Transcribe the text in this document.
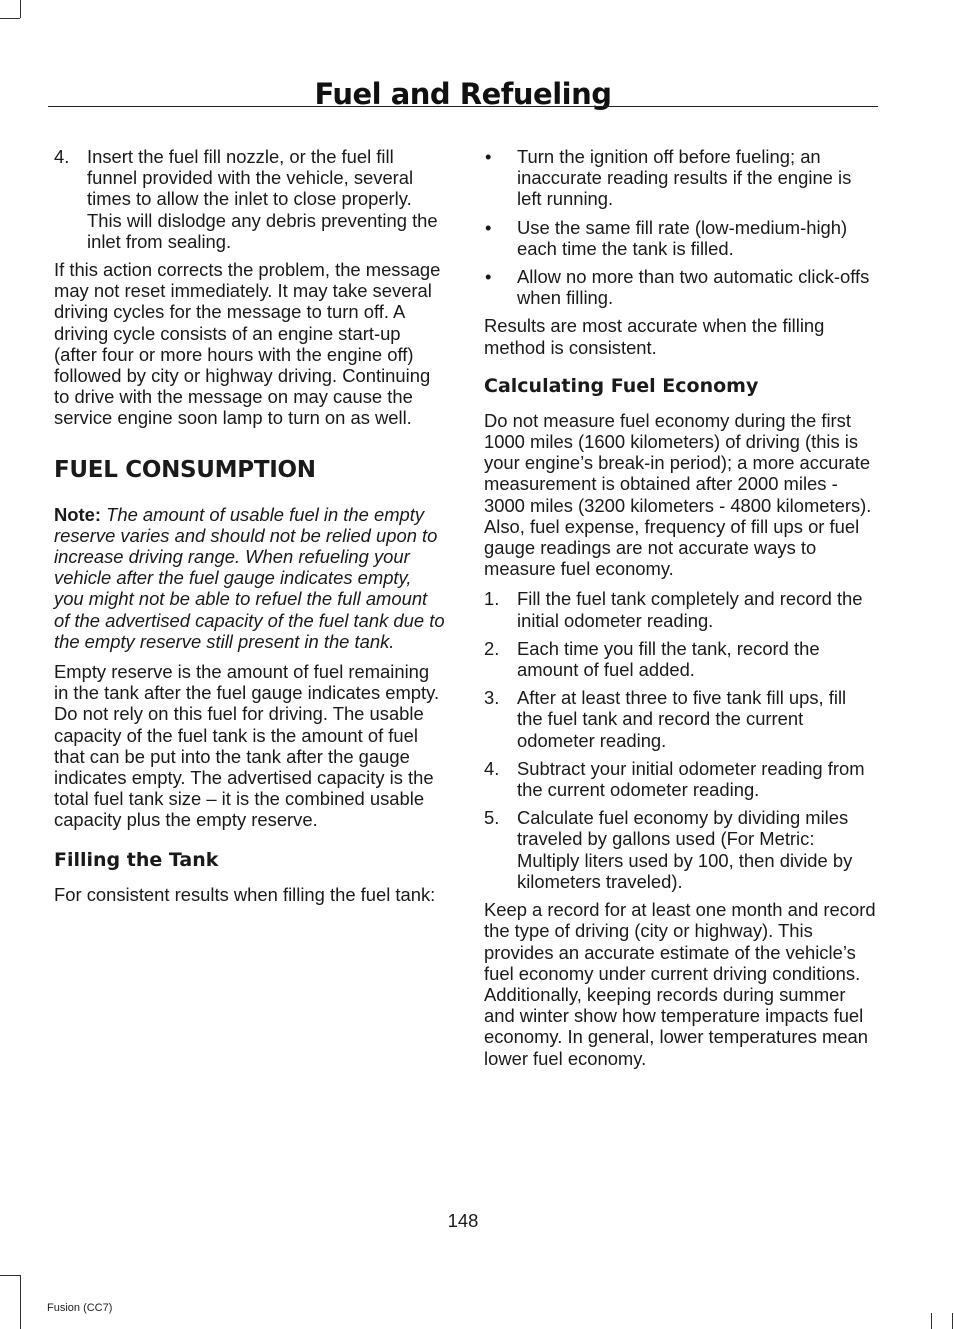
Fuel and Refueling
4. Insert the fuel fill nozzle, or the fuel fill funnel provided with the vehicle, several times to allow the inlet to close properly. This will dislodge any debris preventing the inlet from sealing.

If this action corrects the problem, the message may not reset immediately. It may take several driving cycles for the message to turn off. A driving cycle consists of an engine start-up (after four or more hours with the engine off) followed by city or highway driving. Continuing to drive with the message on may cause the service engine soon lamp to turn on as well.

FUEL CONSUMPTION

Note: The amount of usable fuel in the empty reserve varies and should not be relied upon to increase driving range. When refueling your vehicle after the fuel gauge indicates empty, you might not be able to refuel the full amount of the advertised capacity of the fuel tank due to the empty reserve still present in the tank.

Empty reserve is the amount of fuel remaining in the tank after the fuel gauge indicates empty. Do not rely on this fuel for driving. The usable capacity of the fuel tank is the amount of fuel that can be put into the tank after the gauge indicates empty. The advertised capacity is the total fuel tank size – it is the combined usable capacity plus the empty reserve.

Filling the Tank

For consistent results when filling the fuel tank:

• Turn the ignition off before fueling; an inaccurate reading results if the engine is left running.
• Use the same fill rate (low-medium-high) each time the tank is filled.
• Allow no more than two automatic click-offs when filling.

Results are most accurate when the filling method is consistent.

Calculating Fuel Economy

Do not measure fuel economy during the first 1000 miles (1600 kilometers) of driving (this is your engine’s break-in period); a more accurate measurement is obtained after 2000 miles - 3000 miles (3200 kilometers - 4800 kilometers). Also, fuel expense, frequency of fill ups or fuel gauge readings are not accurate ways to measure fuel economy.

1. Fill the fuel tank completely and record the initial odometer reading.
2. Each time you fill the tank, record the amount of fuel added.
3. After at least three to five tank fill ups, fill the fuel tank and record the current odometer reading.
4. Subtract your initial odometer reading from the current odometer reading.
5. Calculate fuel economy by dividing miles traveled by gallons used (For Metric: Multiply liters used by 100, then divide by kilometers traveled).

Keep a record for at least one month and record the type of driving (city or highway). This provides an accurate estimate of the vehicle’s fuel economy under current driving conditions. Additionally, keeping records during summer and winter show how temperature impacts fuel economy. In general, lower temperatures mean lower fuel economy.

148
Fusion (CC7)
